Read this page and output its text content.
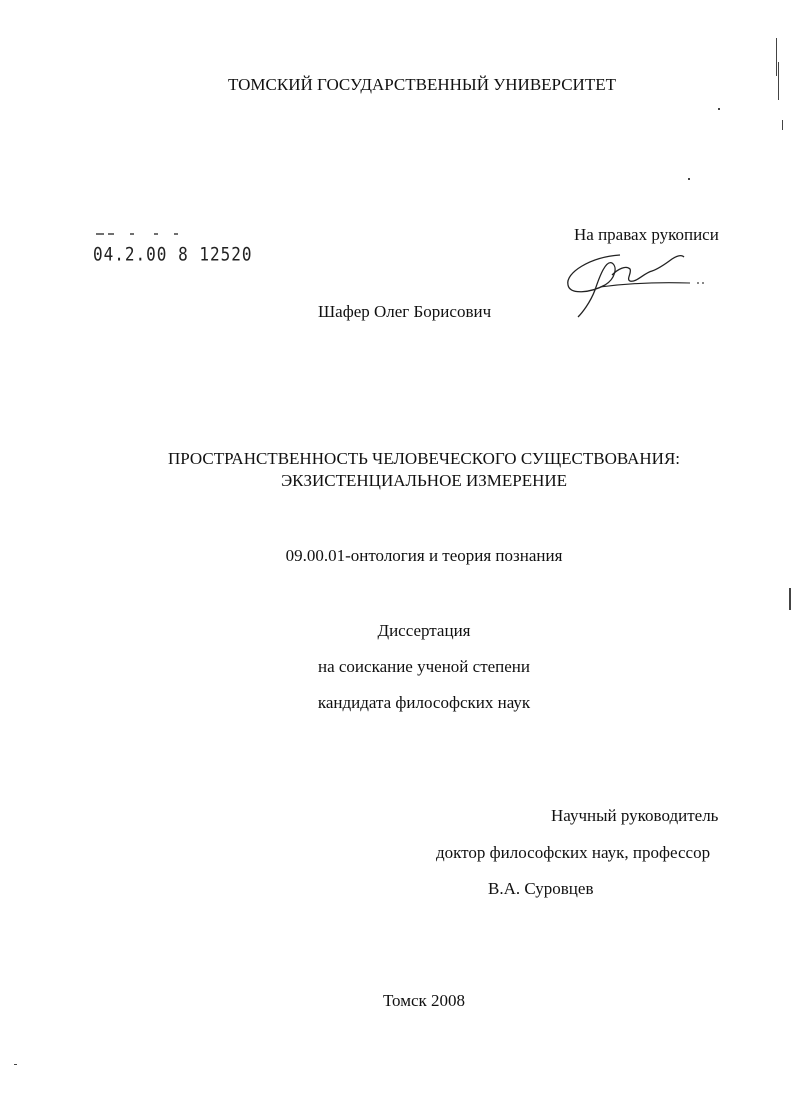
ТОМСКИЙ ГОСУДАРСТВЕННЫЙ УНИВЕРСИТЕТ
04.2.00 8 12520
На правах рукописи
Шафер Олег Борисович
ПРОСТРАНСТВЕННОСТЬ ЧЕЛОВЕЧЕСКОГО СУЩЕСТВОВАНИЯ:
ЭКЗИСТЕНЦИАЛЬНОЕ ИЗМЕРЕНИЕ
09.00.01-онтология и теория познания
Диссертация
на соискание ученой степени
кандидата философских наук
Научный руководитель
доктор философских наук, профессор
В.А. Суровцев
Томск 2008
